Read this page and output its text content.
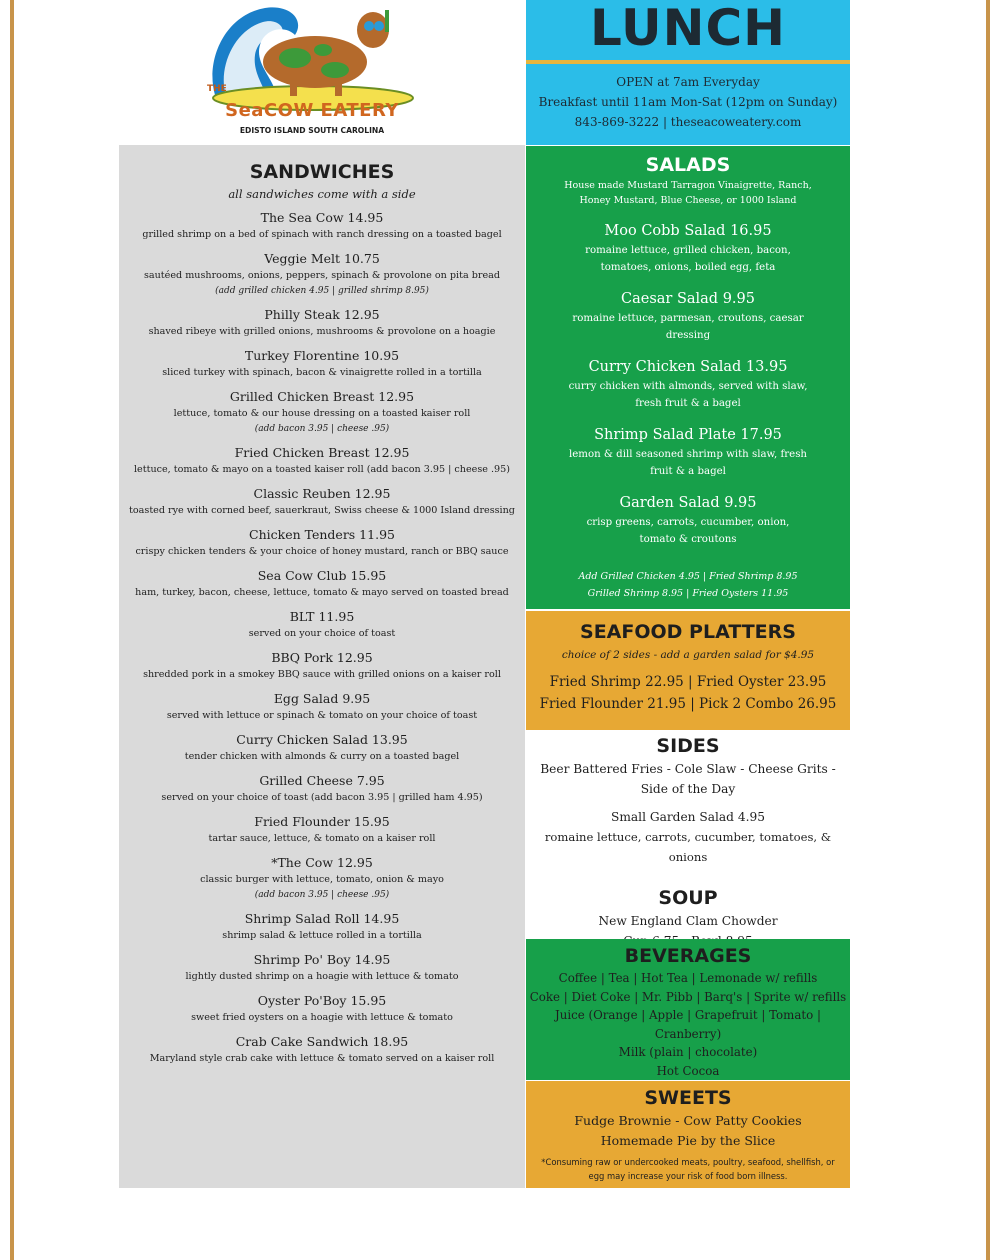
THE
SeaCOW EATERY
EDISTO ISLAND SOUTH CAROLINA
LUNCH
OPEN at 7am Everyday
Breakfast until 11am Mon-Sat (12pm on Sunday)
843-869-3222 | theseacoweatery.com
SANDWICHES
all sandwiches come with a side
The Sea Cow 14.95
grilled shrimp on a bed of spinach with ranch dressing on a toasted bagel
Veggie Melt 10.75
sautéed mushrooms, onions, peppers, spinach & provolone on pita bread
(add grilled chicken 4.95 | grilled shrimp 8.95)
Philly Steak 12.95
shaved ribeye with grilled onions, mushrooms & provolone on a hoagie
Turkey Florentine 10.95
sliced turkey with spinach, bacon & vinaigrette rolled in a tortilla
Grilled Chicken Breast 12.95
lettuce, tomato & our house dressing on a toasted kaiser roll
(add bacon 3.95 | cheese .95)
Fried Chicken Breast 12.95
lettuce, tomato & mayo on a toasted kaiser roll (add bacon 3.95 | cheese .95)
Classic Reuben 12.95
toasted rye with corned beef, sauerkraut, Swiss cheese & 1000 Island dressing
Chicken Tenders 11.95
crispy chicken tenders & your choice of honey mustard, ranch or BBQ sauce
Sea Cow Club 15.95
ham, turkey, bacon, cheese, lettuce, tomato & mayo served on toasted bread
BLT 11.95
served on your choice of toast
BBQ Pork 12.95
shredded pork in a smokey BBQ sauce with grilled onions on a kaiser roll
Egg Salad 9.95
served with lettuce or spinach & tomato on your choice of toast
Curry Chicken Salad 13.95
tender chicken with almonds & curry on a toasted bagel
Grilled Cheese 7.95
served on your choice of toast (add bacon 3.95 | grilled ham 4.95)
Fried Flounder 15.95
tartar sauce, lettuce, & tomato on a kaiser roll
*The Cow 12.95
classic burger with lettuce, tomato, onion & mayo
(add bacon 3.95 | cheese .95)
Shrimp Salad Roll 14.95
shrimp salad & lettuce rolled in a tortilla
Shrimp Po' Boy 14.95
lightly dusted shrimp on a hoagie with lettuce & tomato
Oyster Po'Boy 15.95
sweet fried oysters on a hoagie with lettuce & tomato
Crab Cake Sandwich 18.95
Maryland style crab cake with lettuce & tomato served on a kaiser roll
SALADS
House made Mustard Tarragon Vinaigrette, Ranch, Honey Mustard, Blue Cheese, or 1000 Island
Moo Cobb Salad 16.95
romaine lettuce, grilled chicken, bacon, tomatoes, onions, boiled egg, feta
Caesar Salad 9.95
romaine lettuce, parmesan, croutons, caesar dressing
Curry Chicken Salad 13.95
curry chicken with almonds, served with slaw, fresh fruit & a bagel
Shrimp Salad Plate 17.95
lemon & dill seasoned shrimp with slaw, fresh fruit & a bagel
Garden Salad 9.95
crisp greens, carrots, cucumber, onion, tomato & croutons
Add Grilled Chicken 4.95 | Fried Shrimp 8.95
Grilled Shrimp 8.95 | Fried Oysters 11.95
SEAFOOD PLATTERS
choice of 2 sides - add a garden salad for $4.95
Fried Shrimp 22.95 | Fried Oyster 23.95
Fried Flounder 21.95 | Pick 2 Combo 26.95
SIDES
Beer Battered Fries - Cole Slaw - Cheese Grits -
Side of the Day
Small Garden Salad 4.95
romaine lettuce, carrots, cucumber, tomatoes, & onions
SOUP
New England Clam Chowder
BEVERAGES
Coffee | Tea | Hot Tea | Lemonade w/ refills
Coke | Diet Coke | Mr. Pibb | Barq's | Sprite w/ refills
Juice (Orange | Apple | Grapefruit | Tomato |
Cranberry)
Milk (plain | chocolate)
Hot Cocoa
SWEETS
Fudge Brownie - Cow Patty Cookies
Homemade Pie by the Slice
*Consuming raw or undercooked meats, poultry, seafood, shellfish, or egg may increase your risk of food born illness.
